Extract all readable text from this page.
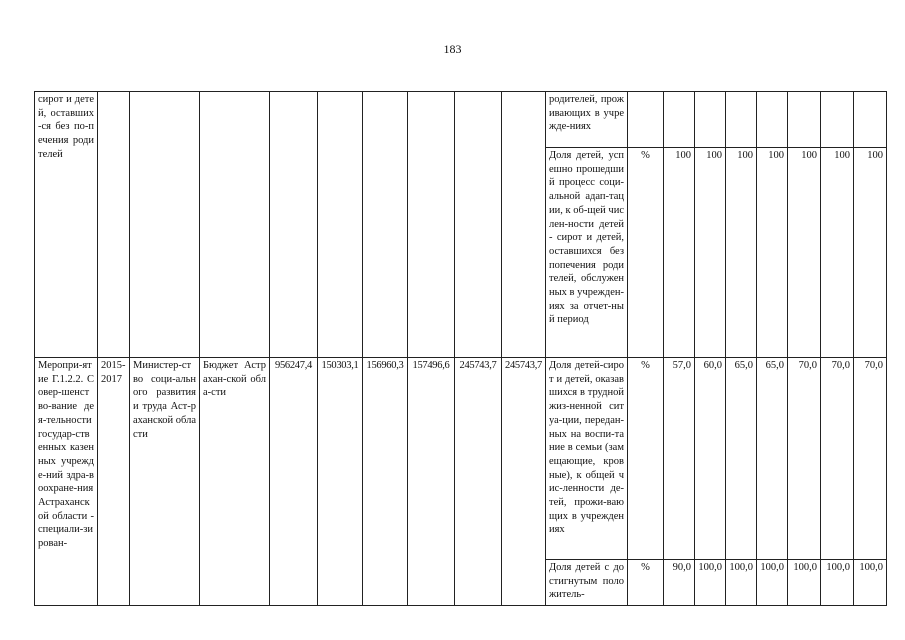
183
сирот и детей, оставших-ся без по-печения родителей										родителей, проживающих в учрежде-ниях								
										Доля детей, успешно прошедший процесс соци-альной адап-тации, к об-щей числен-ности детей - сирот и детей, оставшихся без попечения родителей, обслуженных в учрежден-иях за отчет-ный период	%	100	100	100	100	100	100	100
Меропри-ятие Г.1.2.2. Совер-шенство-вание дея-тельности государ-ственных казенных учрежде-ний здра-воохране-ния Астраханской области - специали-зирован-	2015-2017	Министер-ство соци-ального развития и труда Аст-раханской области	Бюджет Астрахан-ской обла-сти	956247,4	150303,1	156960,3	157496,6	245743,7	245743,7	Доля детей-сирот и детей, оказавшихся в трудной жиз-ненной ситуа-ции, передан-ных на воспи-тание в семьи (замещающие, кровные), к общей чис-ленности де-тей, прожи-вающих в учреждениях	%	57,0	60,0	65,0	65,0	70,0	70,0	70,0
										Доля детей с достигнутым положитель-	%	90,0	100,0	100,0	100,0	100,0	100,0	100,0
